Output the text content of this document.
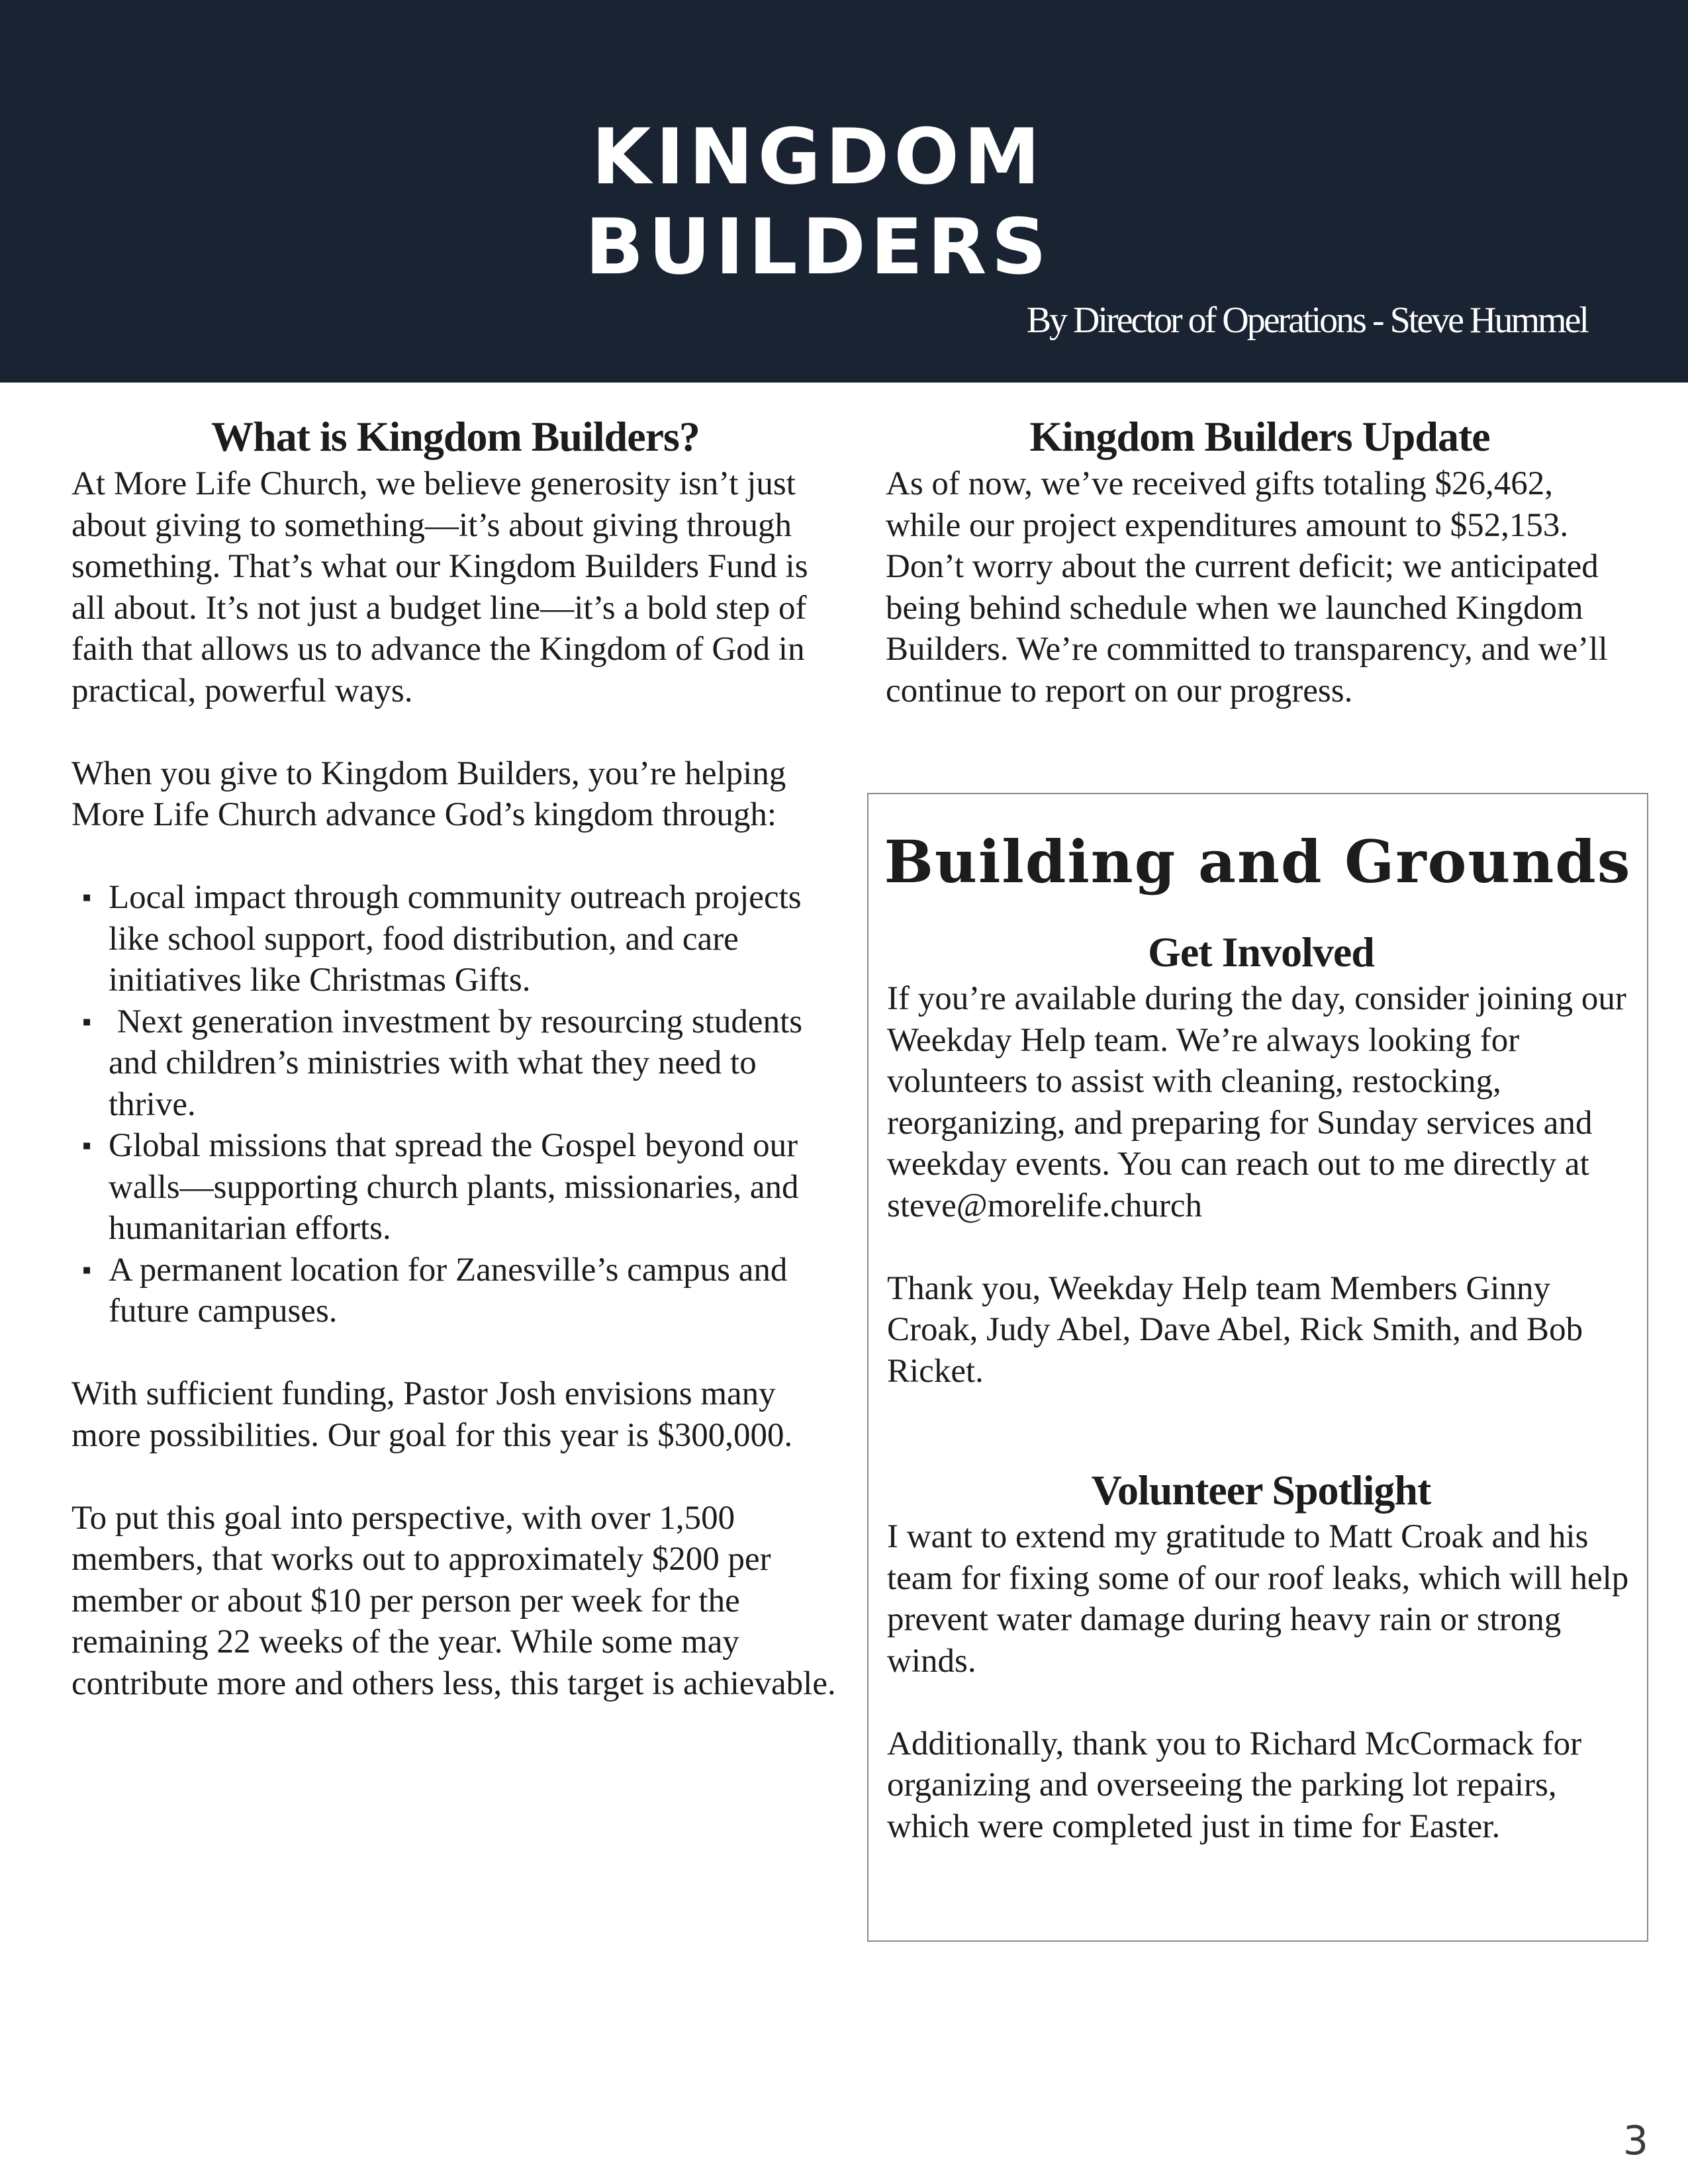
KINGDOM
BUILDERS
By Director of Operations - Steve Hummel
What is Kingdom Builders?

At More Life Church, we believe generosity isn’t just about giving to something—it’s about giving through something. That’s what our Kingdom Builders Fund is all about. It’s not just a budget line—it’s a bold step of faith that allows us to advance the Kingdom of God in practical, powerful ways.

When you give to Kingdom Builders, you’re helping More Life Church advance God’s kingdom through:

▪ Local impact through community outreach projects like school support, food distribution, and care initiatives like Christmas Gifts.
▪ Next generation investment by resourcing students and children’s ministries with what they need to thrive.
▪ Global missions that spread the Gospel beyond our walls—supporting church plants, missionaries, and humanitarian efforts.
▪ A permanent location for Zanesville’s campus and future campuses.

With sufficient funding, Pastor Josh envisions many more possibilities. Our goal for this year is $300,000.

To put this goal into perspective, with over 1,500 members, that works out to approximately $200 per member or about $10 per person per week for the remaining 22 weeks of the year. While some may contribute more and others less, this target is achievable.

Kingdom Builders Update

As of now, we’ve received gifts totaling $26,462, while our project expenditures amount to $52,153. Don’t worry about the current deficit; we anticipated being behind schedule when we launched Kingdom Builders. We’re committed to transparency, and we’ll continue to report on our progress.

Building and Grounds
Get Involved

If you’re available during the day, consider joining our Weekday Help team. We’re always looking for volunteers to assist with cleaning, restocking, reorganizing, and preparing for Sunday services and weekday events. You can reach out to me directly at steve@morelife.church

Thank you, Weekday Help team Members Ginny Croak, Judy Abel, Dave Abel, Rick Smith, and Bob Ricket.

Volunteer Spotlight

I want to extend my gratitude to Matt Croak and his team for fixing some of our roof leaks, which will help prevent water damage during heavy rain or strong winds.

Additionally, thank you to Richard McCormack for organizing and overseeing the parking lot repairs, which were completed just in time for Easter.

3
